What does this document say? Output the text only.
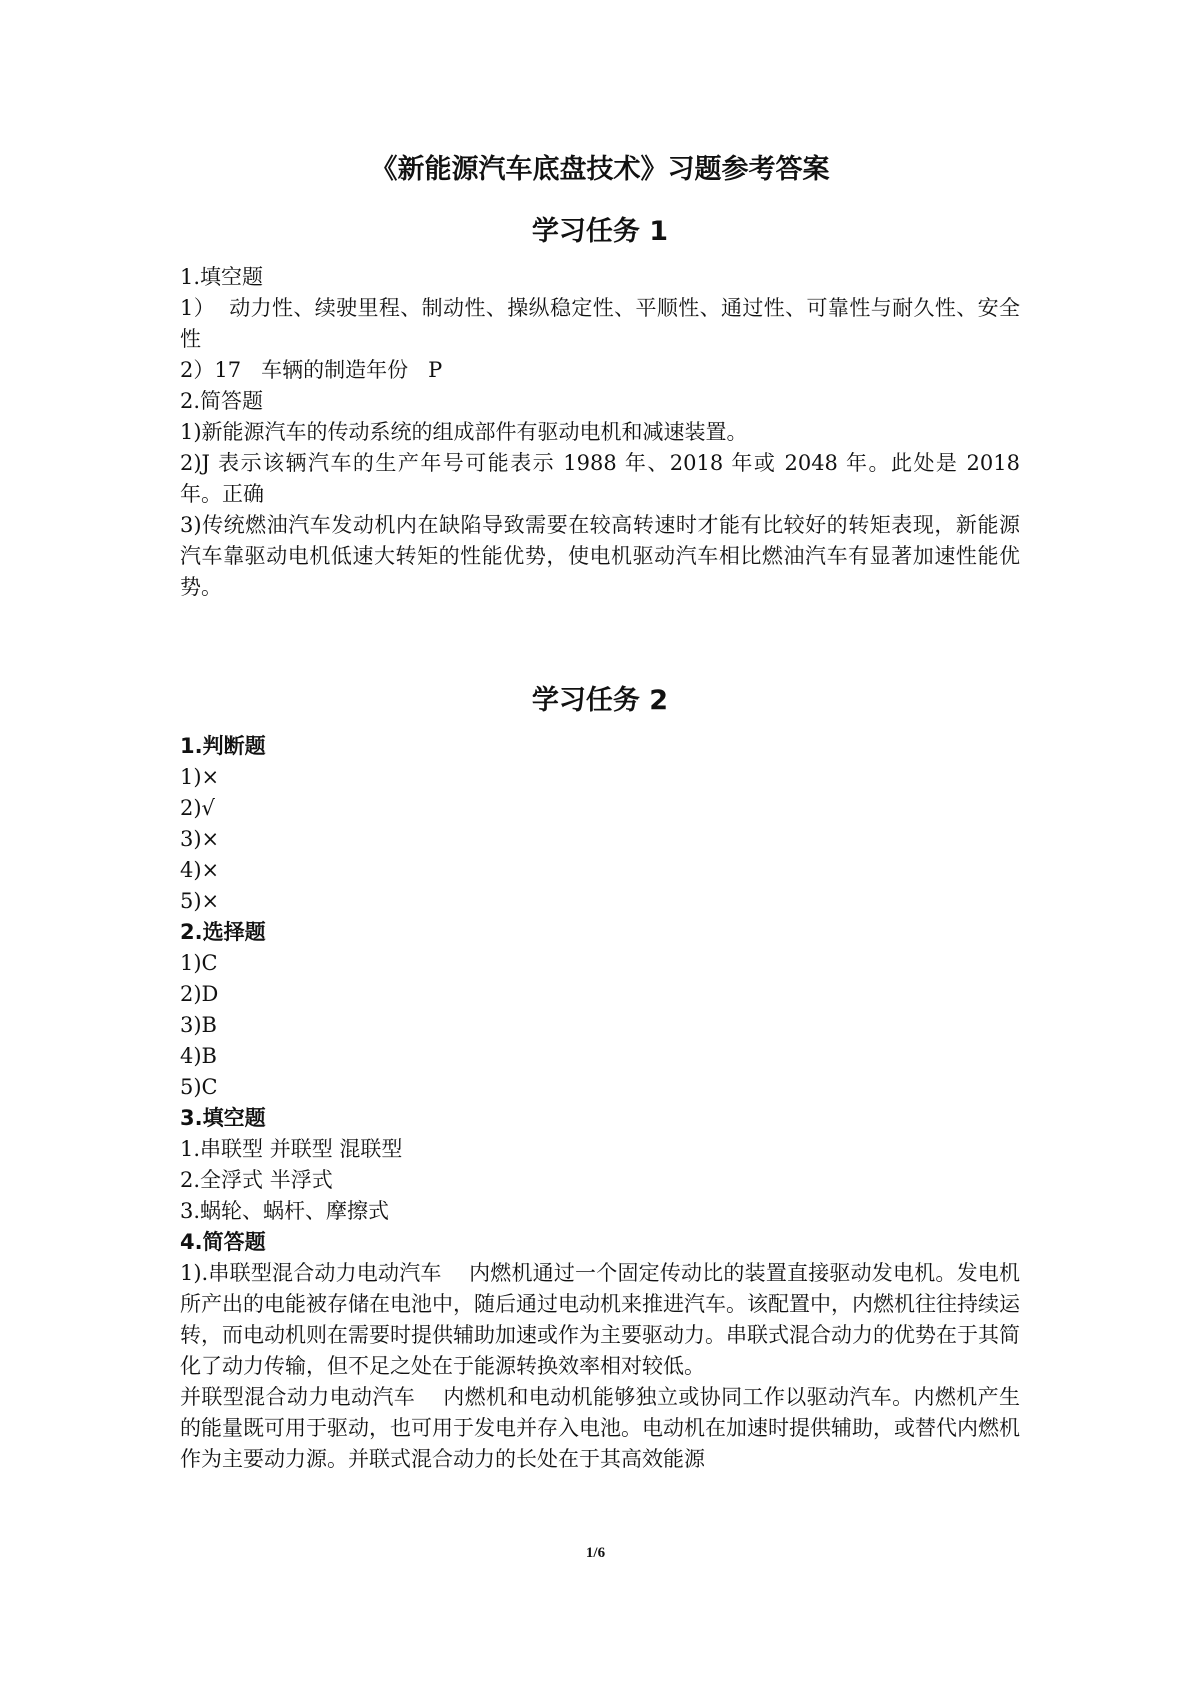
《新能源汽车底盘技术》习题参考答案
学习任务 1

1.填空题

1）  动力性、续驶里程、制动性、操纵稳定性、平顺性、通过性、可靠性与耐久性、安全性

2）17   车辆的制造年份   P

2.简答题

1)新能源汽车的传动系统的组成部件有驱动电机和减速装置。

2)J 表示该辆汽车的生产年号可能表示 1988 年、2018 年或 2048 年。此处是 2018 年。正确

3)传统燃油汽车发动机内在缺陷导致需要在较高转速时才能有比较好的转矩表现，新能源汽车靠驱动电机低速大转矩的性能优势，使电机驱动汽车相比燃油汽车有显著加速性能优势。

学习任务 2

1.判断题

1)×

2)√

3)×

4)×

5)×

2.选择题

1)C

2)D

3)B

4)B

5)C

3.填空题

1.串联型 并联型 混联型

2.全浮式 半浮式

3.蜗轮、蜗杆、摩擦式

4.简答题

1).串联型混合动力电动汽车    内燃机通过一个固定传动比的装置直接驱动发电机。发电机所产出的电能被存储在电池中，随后通过电动机来推进汽车。该配置中，内燃机往往持续运转，而电动机则在需要时提供辅助加速或作为主要驱动力。串联式混合动力的优势在于其简化了动力传输，但不足之处在于能源转换效率相对较低。

并联型混合动力电动汽车    内燃机和电动机能够独立或协同工作以驱动汽车。内燃机产生的能量既可用于驱动，也可用于发电并存入电池。电动机在加速时提供辅助，或替代内燃机作为主要动力源。并联式混合动力的长处在于其高效能源

1/6
